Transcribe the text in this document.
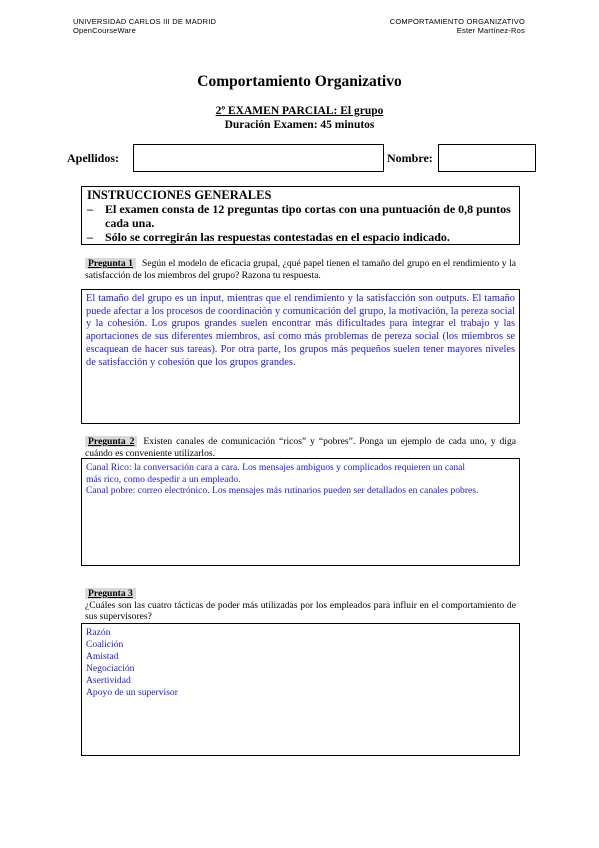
UNIVERSIDAD CARLOS III DE MADRID
OpenCourseWare
COMPORTAMIENTO ORGANIZATIVO
Ester Martínez-Ros
Comportamiento Organizativo
2º EXAMEN PARCIAL: El grupo
Duración Examen: 45 minutos
Apellidos:	Nombre:
INSTRUCCIONES GENERALES
– El examen consta de 12 preguntas tipo cortas con una puntuación de 0,8 puntos cada una.
– Sólo se corregirán las respuestas contestadas en el espacio indicado.
Pregunta 1 Según el modelo de eficacia grupal, ¿qué papel tienen el tamaño del grupo en el rendimiento y la satisfacción de los miembros del grupo? Razona tu respuesta.
El tamaño del grupo es un input, mientras que el rendimiento y la satisfacción son outputs. El tamaño puede afectar a los procesos de coordinación y comunicación del grupo, la motivación, la pereza social y la cohesión. Los grupos grandes suelen encontrar más dificultades para integrar el trabajo y las aportaciones de sus diferentes miembros, así como más problemas de pereza social (los miembros se escaquean de hacer sus tareas). Por otra parte, los grupos más pequeños suelen tener mayores niveles de satisfacción y cohesión que los grupos grandes.
Pregunta 2 Existen canales de comunicación “ricos” y “pobres”. Ponga un ejemplo de cada uno, y diga cuándo es conveniente utilizarlos.
Canal Rico: la conversación cara a cara. Los mensajes ambiguos y complicados requieren un canal
más rico, como despedir a un empleado.
Canal pobre: correo electrónico. Los mensajes más rutinarios pueden ser detallados en canales pobres.
Pregunta 3
¿Cuáles son las cuatro tácticas de poder más utilizadas por los empleados para influir en el comportamiento de sus supervisores?
Razón
Coalición
Amistad
Negociación
Asertividad
Apoyo de un supervisor
